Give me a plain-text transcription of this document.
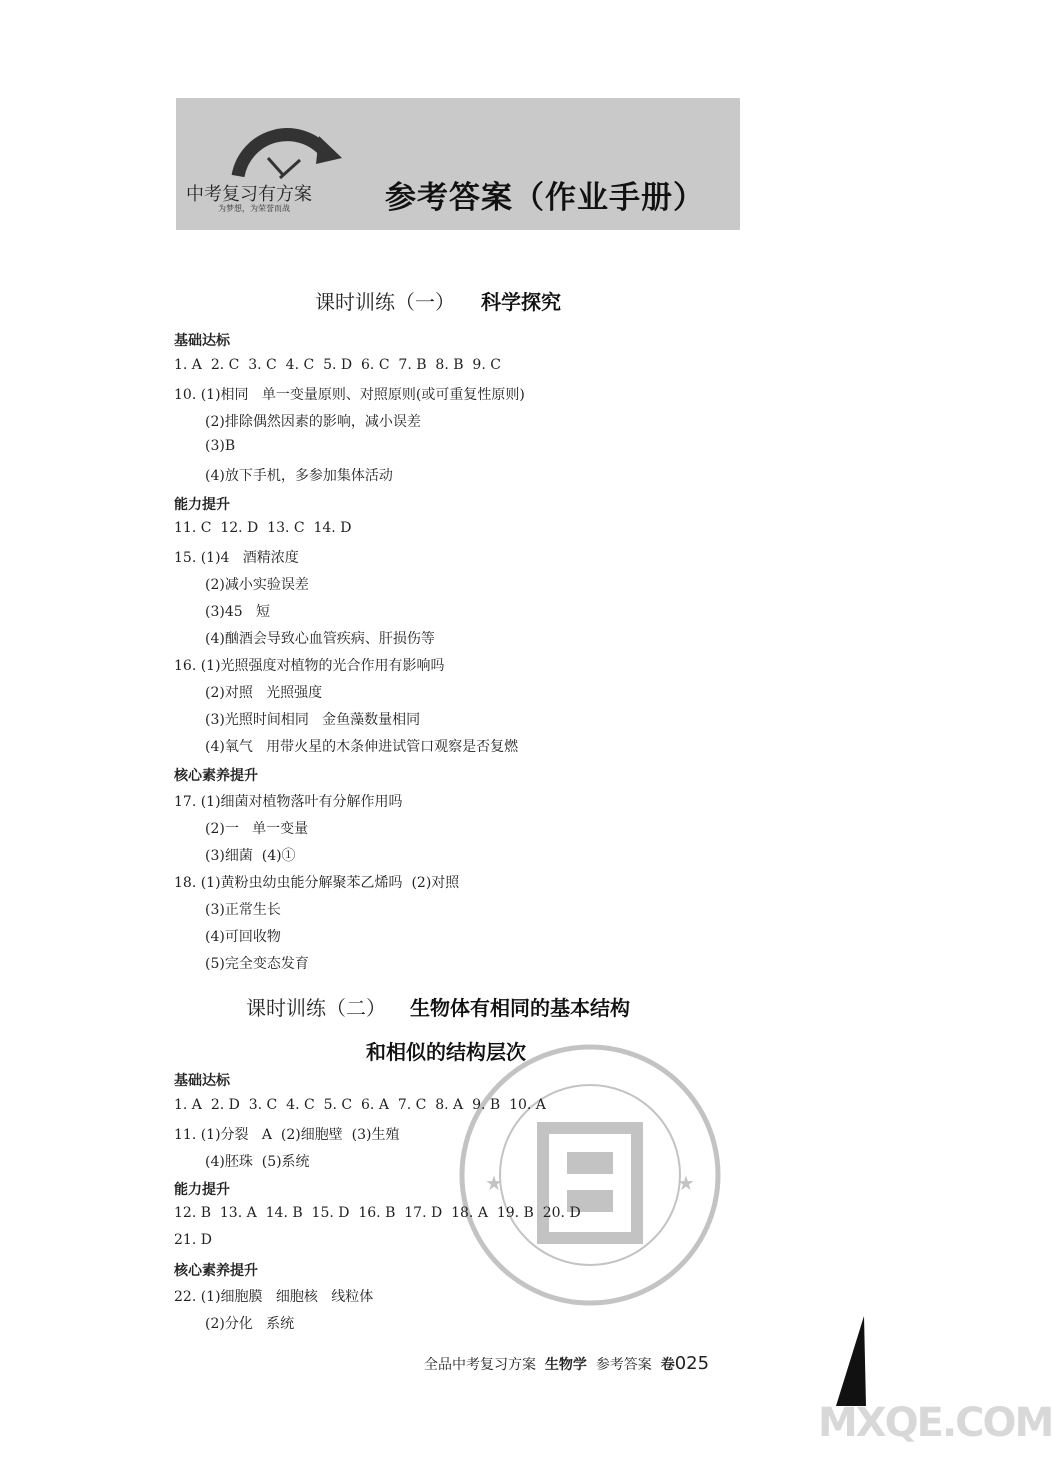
中考复习有方案
为梦想，为荣誉而战	参考答案（作业手册）
课时训练（一） 科学探究
基础达标
1. A  2. C  3. C  4. C  5. D  6. C  7. B  8. B  9. C
10. (1)相同   单一变量原则、对照原则(或可重复性原则)
(2)排除偶然因素的影响，减小误差
(3)B
(4)放下手机，多参加集体活动
能力提升
11. C  12. D  13. C  14. D
15. (1)4   酒精浓度
(2)减小实验误差
(3)45   短
(4)酗酒会导致心血管疾病、肝损伤等
16. (1)光照强度对植物的光合作用有影响吗
(2)对照   光照强度
(3)光照时间相同   金鱼藻数量相同
(4)氧气   用带火星的木条伸进试管口观察是否复燃
核心素养提升
17. (1)细菌对植物落叶有分解作用吗
(2)一   单一变量
(3)细菌  (4)①
18. (1)黄粉虫幼虫能分解聚苯乙烯吗  (2)对照
(3)正常生长
(4)可回收物
(5)完全变态发育
课时训练（二） 生物体有相同的基本结构
和相似的结构层次
★	★
基础达标
1. A  2. D  3. C  4. C  5. C  6. A  7. C  8. A  9. B  10. A
11. (1)分裂   A  (2)细胞壁  (3)生殖
(4)胚珠  (5)系统
能力提升
12. B  13. A  14. B  15. D  16. B  17. D  18. A  19. B  20. D
21. D
核心素养提升
22. (1)细胞膜   细胞核   线粒体
(2)分化   系统
全品中考复习方案 生物学 参考答案 卷025
MXQE.COM
